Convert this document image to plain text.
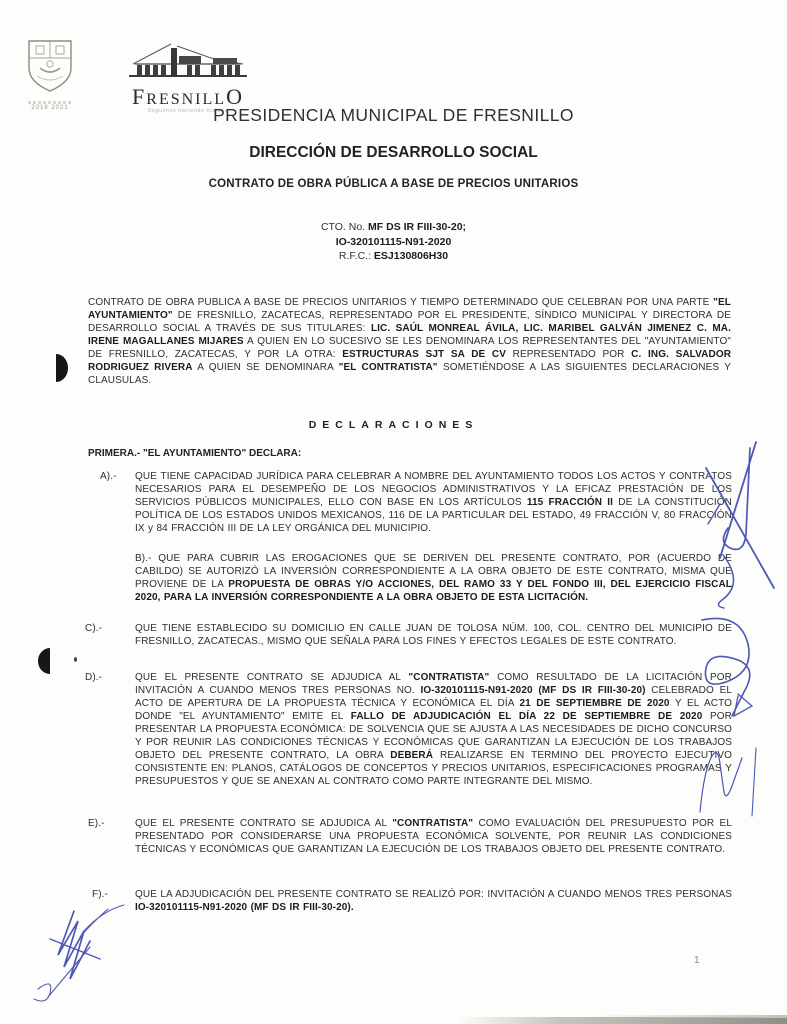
2018 2021	FRESNILLO
Seguimos haciendo historia
PRESIDENCIA MUNICIPAL DE FRESNILLO
DIRECCIÓN DE DESARROLLO SOCIAL
CONTRATO DE OBRA PÚBLICA A BASE DE PRECIOS UNITARIOS
CTO. No. MF DS IR FIII-30-20;
IO-320101115-N91-2020
R.F.C.: ESJ130806H30
CONTRATO DE OBRA PUBLICA A BASE DE PRECIOS UNITARIOS Y TIEMPO DETERMINADO QUE CELEBRAN POR UNA PARTE "EL AYUNTAMIENTO" DE FRESNILLO, ZACATECAS, REPRESENTADO POR EL PRESIDENTE, SÍNDICO MUNICIPAL Y DIRECTORA DE DESARROLLO SOCIAL A TRAVÉS DE SUS TITULARES: LIC. SAÚL MONREAL ÁVILA, LIC. MARIBEL GALVÁN JIMENEZ C. MA. IRENE MAGALLANES MIJARES A QUIEN EN LO SUCESIVO SE LES DENOMINARA LOS REPRESENTANTES DEL "AYUNTAMIENTO" DE FRESNILLO, ZACATECAS, Y POR LA OTRA: ESTRUCTURAS SJT SA DE CV REPRESENTADO POR C. ING. SALVADOR RODRIGUEZ RIVERA A QUIEN SE DENOMINARA "EL CONTRATISTA" SOMETIÉNDOSE A LAS SIGUIENTES DECLARACIONES Y CLAUSULAS.
DECLARACIONES
PRIMERA.- "EL AYUNTAMIENTO" DECLARA:
A).- QUE TIENE CAPACIDAD JURÍDICA PARA CELEBRAR A NOMBRE DEL AYUNTAMIENTO TODOS LOS ACTOS Y CONTRATOS NECESARIOS PARA EL DESEMPEÑO DE LOS NEGOCIOS ADMINISTRATIVOS Y LA EFICAZ PRESTACIÓN DE LOS SERVICIOS PÚBLICOS MUNICIPALES, ELLO CON BASE EN LOS ARTÍCULOS 115 FRACCIÓN II DE LA CONSTITUCIÓN POLÍTICA DE LOS ESTADOS UNIDOS MEXICANOS, 116 DE LA PARTICULAR DEL ESTADO, 49 FRACCIÓN V, 80 FRACCIÓN IX y 84 FRACCIÓN III DE LA LEY ORGÁNICA DEL MUNICIPIO.
B).- QUE PARA CUBRIR LAS EROGACIONES QUE SE DERIVEN DEL PRESENTE CONTRATO, POR (ACUERDO DE CABILDO) SE AUTORIZÓ LA INVERSIÓN CORRESPONDIENTE A LA OBRA OBJETO DE ESTE CONTRATO, MISMA QUE PROVIENE DE LA PROPUESTA DE OBRAS Y/O ACCIONES, DEL RAMO 33 Y DEL FONDO III, DEL EJERCICIO FISCAL 2020, PARA LA INVERSIÓN CORRESPONDIENTE A LA OBRA OBJETO DE ESTA LICITACIÓN.
C).-	QUE TIENE ESTABLECIDO SU DOMICILIO EN CALLE JUAN DE TOLOSA NÚM. 100, COL. CENTRO DEL MUNICIPIO DE FRESNILLO, ZACATECAS., MISMO QUE SEÑALA PARA LOS FINES Y EFECTOS LEGALES DE ESTE CONTRATO.
D).-	QUE EL PRESENTE CONTRATO SE ADJUDICA AL "CONTRATISTA" COMO RESULTADO DE LA LICITACIÓN POR INVITACIÓN A CUANDO MENOS TRES PERSONAS NO. IO-320101115-N91-2020 (MF DS IR FIII-30-20) CELEBRADO EL ACTO DE APERTURA DE LA PROPUESTA TÉCNICA Y ECONÓMICA EL DÍA 21 DE SEPTIEMBRE DE 2020 Y EL ACTO DONDE "EL AYUNTAMIENTO" EMITE EL FALLO DE ADJUDICACIÓN EL DÍA 22 DE SEPTIEMBRE DE 2020 POR PRESENTAR LA PROPUESTA ECONÓMICA: DE SOLVENCIA QUE SE AJUSTA A LAS NECESIDADES DE DICHO CONCURSO Y POR REUNIR LAS CONDICIONES TÉCNICAS Y ECONÓMICAS QUE GARANTIZAN LA EJECUCIÓN DE LOS TRABAJOS OBJETO DEL PRESENTE CONTRATO, LA OBRA DEBERÁ REALIZARSE EN TERMINO DEL PROYECTO EJECUTIVO CONSISTENTE EN: PLANOS, CATÁLOGOS DE CONCEPTOS Y PRECIOS UNITARIOS, ESPECIFICACIONES PROGRAMAS Y PRESUPUESTOS Y QUE SE ANEXAN AL CONTRATO COMO PARTE INTEGRANTE DEL MISMO.
E).-	QUE EL PRESENTE CONTRATO SE ADJUDICA AL "CONTRATISTA" COMO EVALUACIÓN DEL PRESUPUESTO POR EL PRESENTADO POR CONSIDERARSE UNA PROPUESTA ECONÓMICA SOLVENTE, POR REUNIR LAS CONDICIONES TÉCNICAS Y ECONÓMICAS QUE GARANTIZAN LA EJECUCIÓN DE LOS TRABAJOS OBJETO DEL PRESENTE CONTRATO.
F).-	QUE LA ADJUDICACIÓN DEL PRESENTE CONTRATO SE REALIZÓ POR: INVITACIÓN A CUANDO MENOS TRES PERSONAS IO-320101115-N91-2020 (MF DS IR FIII-30-20).
1
